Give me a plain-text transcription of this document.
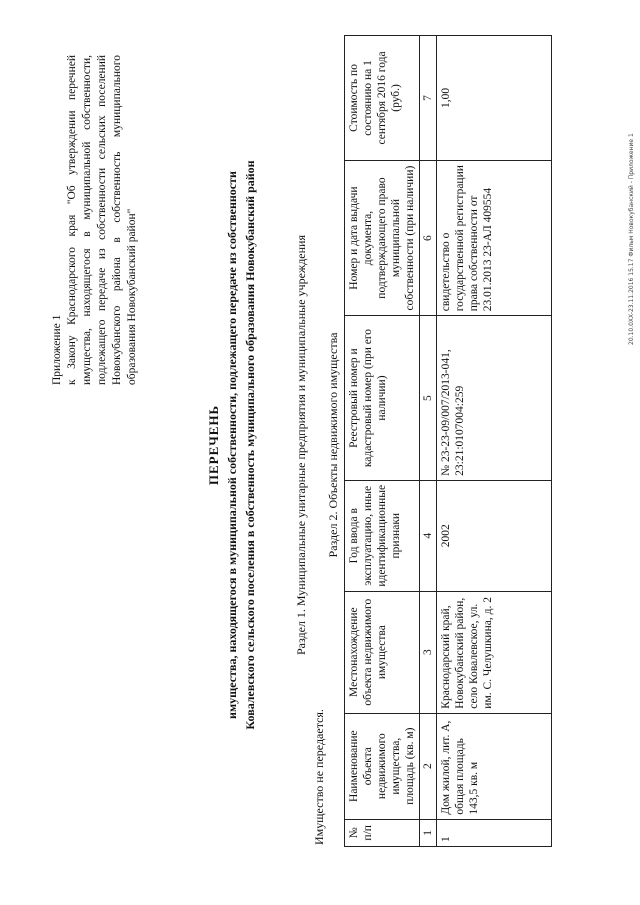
Приложение 1 к Закону Краснодарского края "Об утверждении перечней имущества, находящегося в муниципальной собственности, подлежащего передаче из собственности сельских поселений Новокубанского района в собственность муниципального образования Новокубанский район"
ПЕРЕЧЕНЬ имущества, находящегося в муниципальной собственности, подлежащего передаче из собственности Ковалевского сельского поселения в собственность муниципального образования Новокубанский район	Раздел 1. Муниципальные унитарные предприятия и муниципальные учреждения
Имущество не передается.
Раздел 2. Объекты недвижимого имущества
№ п/п	Наименование объекта недвижимого имущества, площадь (кв. м)	Местонахождение объекта недвижимого имущества	Год ввода в эксплуатацию, иные идентификационные признаки	Реестровый номер и кадастровый номер (при его наличии)	Номер и дата выдачи документа, подтверждающего право муниципальной собственности (при наличии)	Стоимость по состоянию на 1 сентября 2016 года (руб.)
1	2	3	4	5	6	7
1	Дом жилой, лит. А, общая площадь 143,5 кв. м	Краснодарский край, Новокубанский район, село Ковалевское, ул. им. С. Челушкина, д. 2	2002	№ 23-23-09/007/2013-041, 23:21:0107004:259	свидетельство о государственной регистрации права собственности от 23.01.2013 23-АЛ 409554	1,00
20.10.0XX-23.11.2016 15.17 Фильм Новокубанский - Приложение 1
